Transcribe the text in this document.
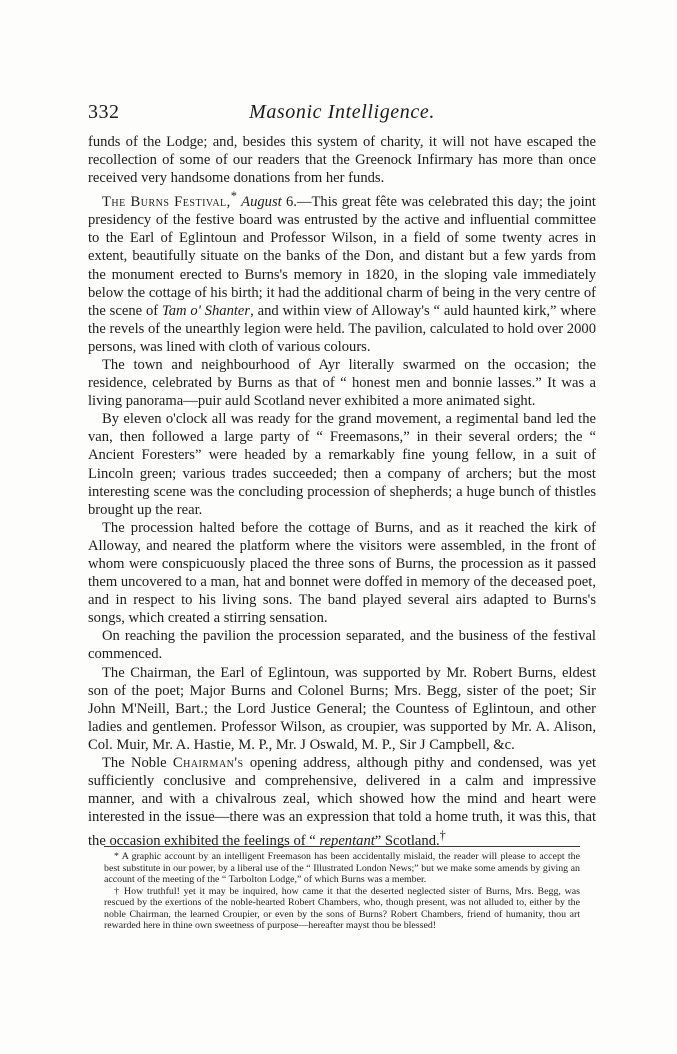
332	Masonic Intelligence.

funds of the Lodge; and, besides this system of charity, it will not have escaped the recollection of some of our readers that the Greenock Infirmary has more than once received very handsome donations from her funds.

The Burns Festival,* August 6.—This great fête was celebrated this day; the joint presidency of the festive board was entrusted by the active and influential committee to the Earl of Eglintoun and Professor Wilson, in a field of some twenty acres in extent, beautifully situate on the banks of the Don, and distant but a few yards from the monument erected to Burns's memory in 1820, in the sloping vale immediately below the cottage of his birth; it had the additional charm of being in the very centre of the scene of Tam o' Shanter, and within view of Alloway's “ auld haunted kirk,” where the revels of the unearthly legion were held. The pavilion, calculated to hold over 2000 persons, was lined with cloth of various colours.

The town and neighbourhood of Ayr literally swarmed on the occasion; the residence, celebrated by Burns as that of “ honest men and bonnie lasses.” It was a living panorama—puir auld Scotland never exhibited a more animated sight.

By eleven o'clock all was ready for the grand movement, a regimental band led the van, then followed a large party of “ Freemasons,” in their several orders; the “ Ancient Foresters” were headed by a remarkably fine young fellow, in a suit of Lincoln green; various trades succeeded; then a company of archers; but the most interesting scene was the concluding procession of shepherds; a huge bunch of thistles brought up the rear.

The procession halted before the cottage of Burns, and as it reached the kirk of Alloway, and neared the platform where the visitors were assembled, in the front of whom were conspicuously placed the three sons of Burns, the procession as it passed them uncovered to a man, hat and bonnet were doffed in memory of the deceased poet, and in respect to his living sons. The band played several airs adapted to Burns's songs, which created a stirring sensation.

On reaching the pavilion the procession separated, and the business of the festival commenced.

The Chairman, the Earl of Eglintoun, was supported by Mr. Robert Burns, eldest son of the poet; Major Burns and Colonel Burns; Mrs. Begg, sister of the poet; Sir John M'Neill, Bart.; the Lord Justice General; the Countess of Eglintoun, and other ladies and gentlemen. Professor Wilson, as croupier, was supported by Mr. A. Alison, Col. Muir, Mr. A. Hastie, M. P., Mr. J Oswald, M. P., Sir J Campbell, &c.

The Noble Chairman's opening address, although pithy and condensed, was yet sufficiently conclusive and comprehensive, delivered in a calm and impressive manner, and with a chivalrous zeal, which showed how the mind and heart were interested in the issue—there was an expression that told a home truth, it was this, that the occasion exhibited the feelings of “ repentant” Scotland.†

* A graphic account by an intelligent Freemason has been accidentally mislaid, the reader will please to accept the best substitute in our power, by a liberal use of the “ Illustrated London News;” but we make some amends by giving an account of the meeting of the “ Tarbolton Lodge,” of which Burns was a member.

† How truthful! yet it may be inquired, how came it that the deserted neglected sister of Burns, Mrs. Begg, was rescued by the exertions of the noble-hearted Robert Chambers, who, though present, was not alluded to, either by the noble Chairman, the learned Croupier, or even by the sons of Burns? Robert Chambers, friend of humanity, thou art rewarded here in thine own sweetness of purpose—hereafter mayst thou be blessed!
